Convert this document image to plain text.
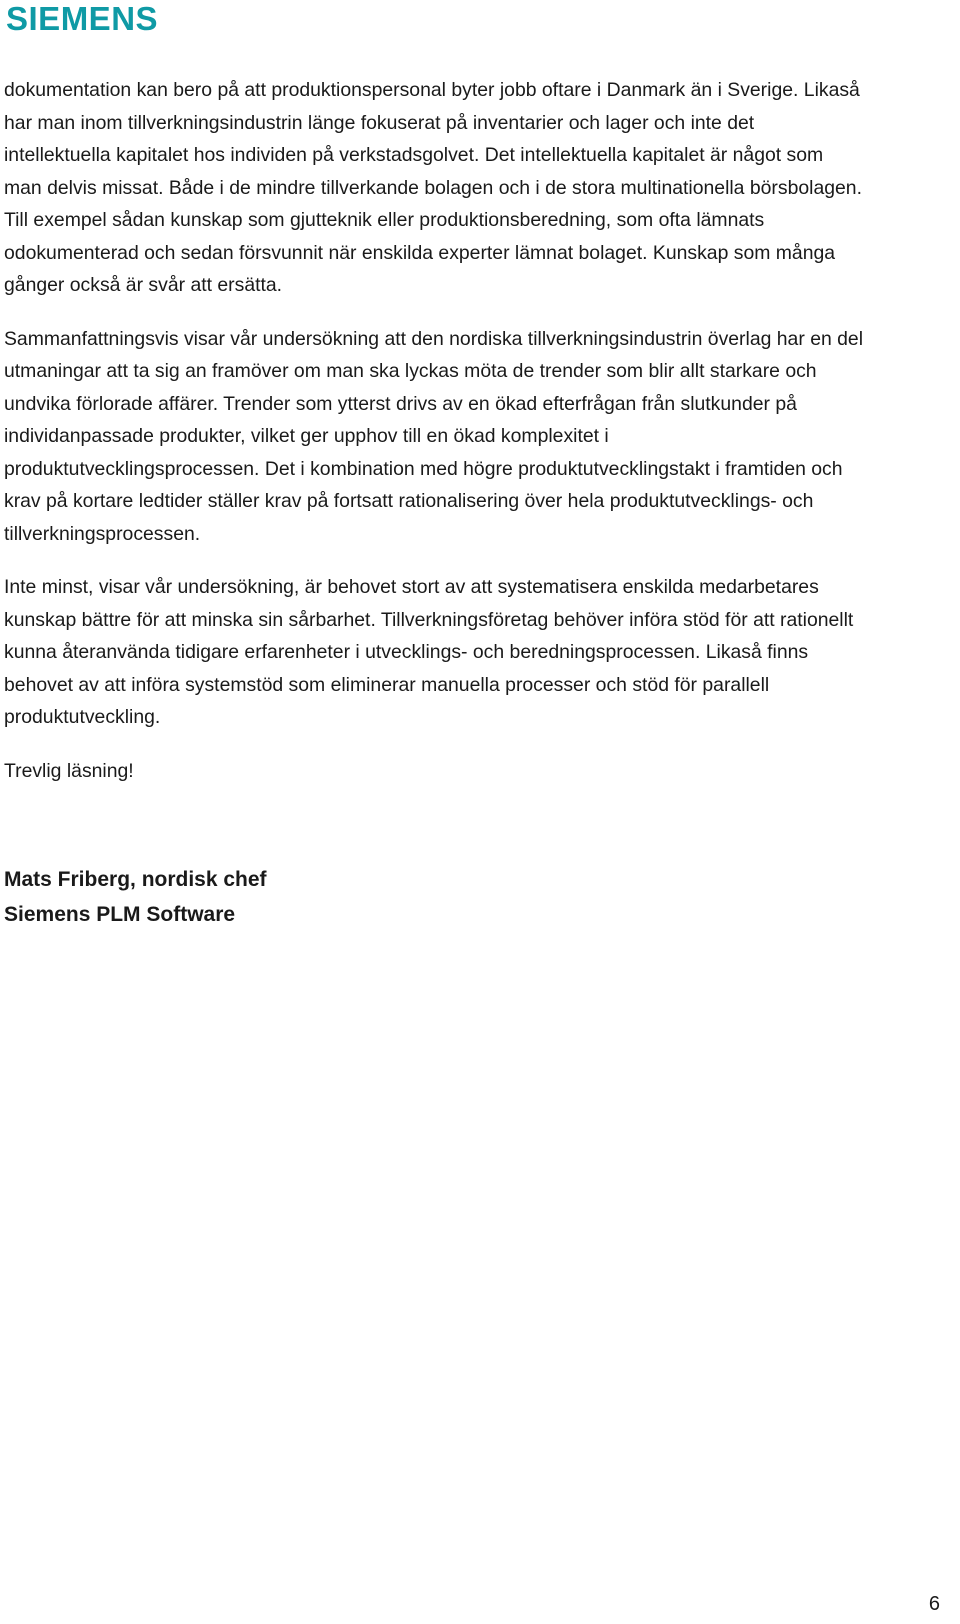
SIEMENS

dokumentation kan bero på att produktionspersonal byter jobb oftare i Danmark än i Sverige. Likaså
har man inom tillverkningsindustrin länge fokuserat på inventarier och lager och inte det
intellektuella kapitalet hos individen på verkstadsgolvet. Det intellektuella kapitalet är något som
man delvis missat. Både i de mindre tillverkande bolagen och i de stora multinationella börsbolagen.
Till exempel sådan kunskap som gjutteknik eller produktionsberedning, som ofta lämnats
odokumenterad och sedan försvunnit när enskilda experter lämnat bolaget. Kunskap som många
gånger också är svår att ersätta.

Sammanfattningsvis visar vår undersökning att den nordiska tillverkningsindustrin överlag har en del
utmaningar att ta sig an framöver om man ska lyckas möta de trender som blir allt starkare och
undvika förlorade affärer. Trender som ytterst drivs av en ökad efterfrågan från slutkunder på
individanpassade produkter, vilket ger upphov till en ökad komplexitet i
produktutvecklingsprocessen. Det i kombination med högre produktutvecklingstakt i framtiden och
krav på kortare ledtider ställer krav på fortsatt rationalisering över hela produktutvecklings- och
tillverkningsprocessen.

Inte minst, visar vår undersökning, är behovet stort av att systematisera enskilda medarbetares
kunskap bättre för att minska sin sårbarhet. Tillverkningsföretag behöver införa stöd för att rationellt
kunna återanvända tidigare erfarenheter i utvecklings- och beredningsprocessen. Likaså finns
behovet av att införa systemstöd som eliminerar manuella processer och stöd för parallell
produktutveckling.

Trevlig läsning!

Mats Friberg, nordisk chef
Siemens PLM Software
6
